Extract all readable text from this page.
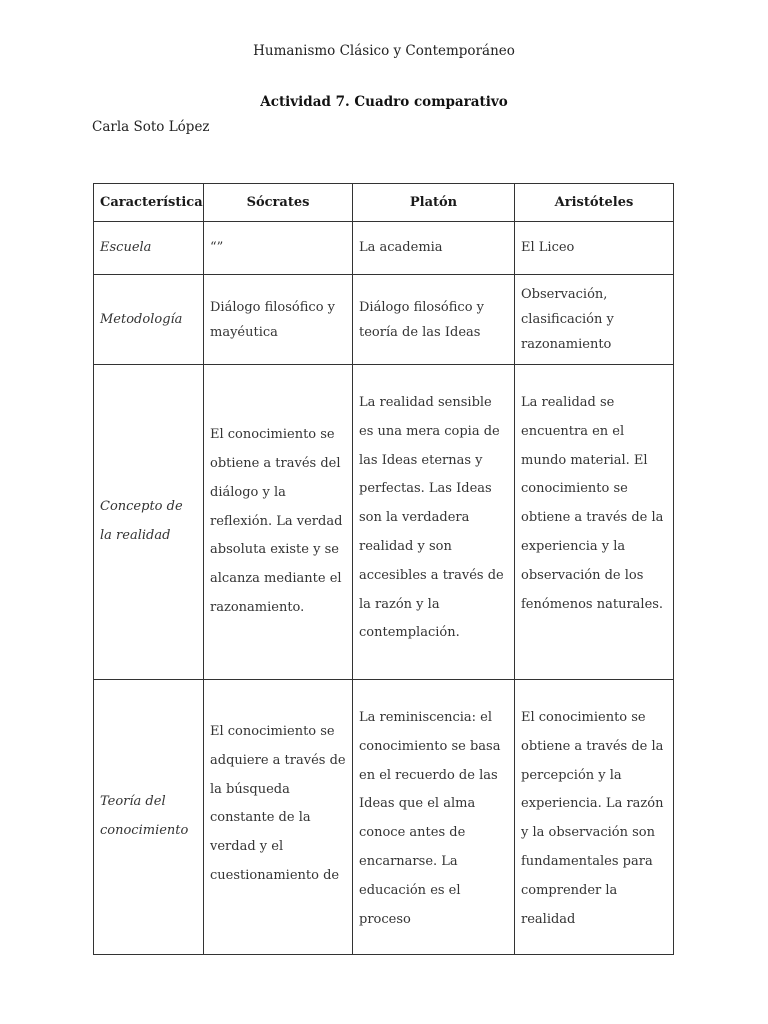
Humanismo Clásico y Contemporáneo
Actividad 7. Cuadro comparativo
Carla Soto López
Característica	Sócrates	Platón	Aristóteles
Escuela	“”	La academia	El Liceo
Metodología	Diálogo filosófico y mayéutica	Diálogo filosófico y teoría de las Ideas	Observación, clasificación y razonamiento
Concepto de la realidad	El conocimiento se obtiene a través del diálogo y la reflexión. La verdad absoluta existe y se alcanza mediante el razonamiento.	La realidad sensible es una mera copia de las Ideas eternas y perfectas. Las Ideas son la verdadera realidad y son accesibles a través de la razón y la contemplación.	La realidad se encuentra en el mundo material. El conocimiento se obtiene a través de la experiencia y la observación de los fenómenos naturales.
Teoría del conocimiento	El conocimiento se adquiere a través de la búsqueda constante de la verdad y el cuestionamiento de	La reminiscencia: el conocimiento se basa en el recuerdo de las Ideas que el alma conoce antes de encarnarse. La educación es el proceso	El conocimiento se obtiene a través de la percepción y la experiencia. La razón y la observación son fundamentales para comprender la realidad
